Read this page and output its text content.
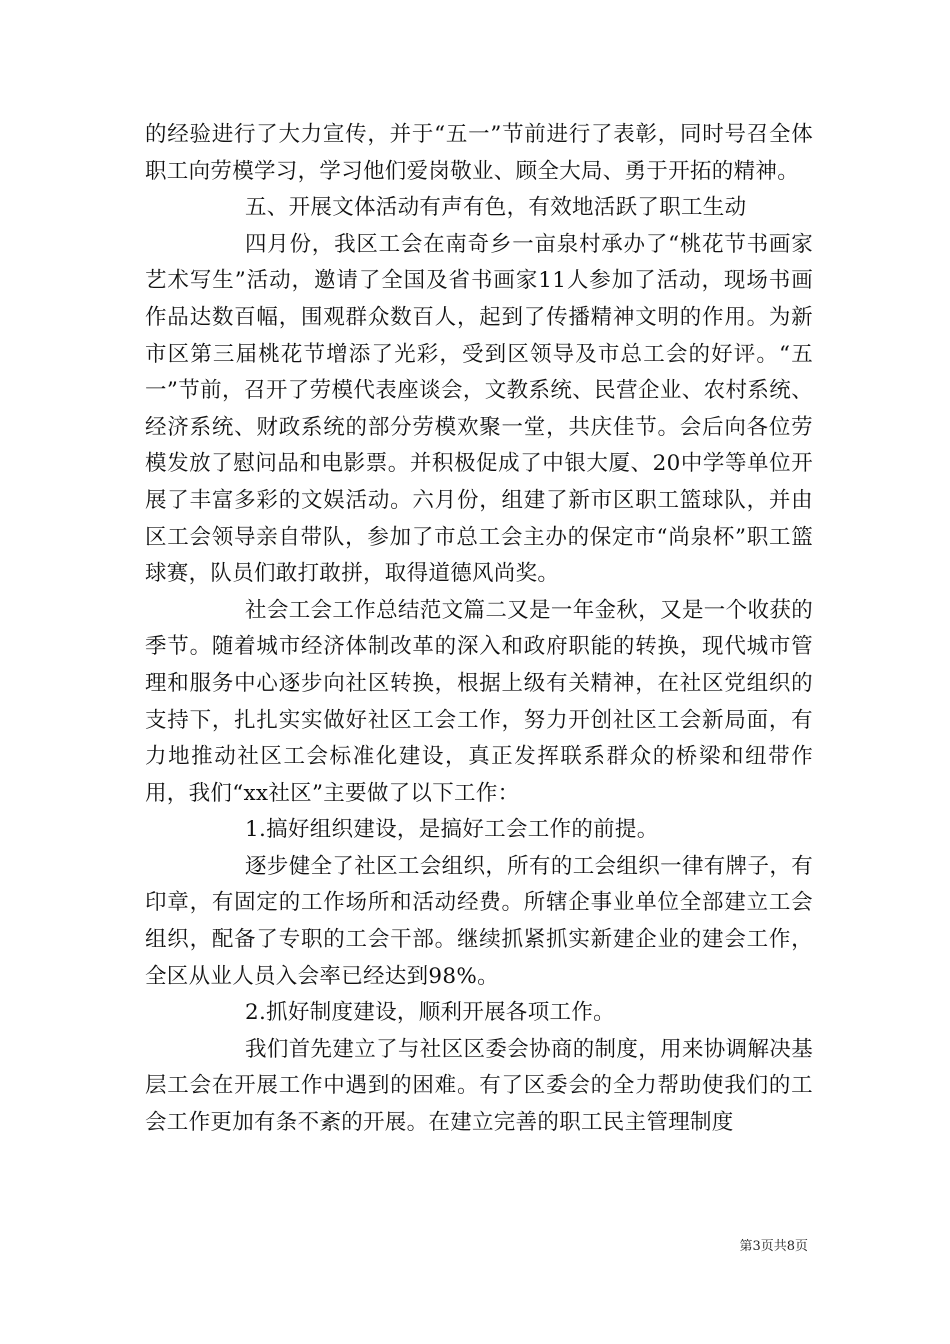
的经验进行了大力宣传，并于“五一”节前进行了表彰，同时号召全体职工向劳模学习，学习他们爱岗敬业、顾全大局、勇于开拓的精神。

五、开展文体活动有声有色，有效地活跃了职工生动

四月份，我区工会在南奇乡一亩泉村承办了“桃花节书画家艺术写生”活动，邀请了全国及省书画家11人参加了活动，现场书画作品达数百幅，围观群众数百人，起到了传播精神文明的作用。为新市区第三届桃花节增添了光彩，受到区领导及市总工会的好评。“五一”节前，召开了劳模代表座谈会，文教系统、民营企业、农村系统、经济系统、财政系统的部分劳模欢聚一堂，共庆佳节。会后向各位劳模发放了慰问品和电影票。并积极促成了中银大厦、20中学等单位开展了丰富多彩的文娱活动。六月份，组建了新市区职工篮球队，并由区工会领导亲自带队，参加了市总工会主办的保定市“尚泉杯”职工篮球赛，队员们敢打敢拼，取得道德风尚奖。

社会工会工作总结范文篇二又是一年金秋，又是一个收获的季节。随着城市经济体制改革的深入和政府职能的转换，现代城市管理和服务中心逐步向社区转换，根据上级有关精神，在社区党组织的支持下，扎扎实实做好社区工会工作，努力开创社区工会新局面，有力地推动社区工会标准化建设，真正发挥联系群众的桥梁和纽带作用，我们“xx社区”主要做了以下工作：

1.搞好组织建设，是搞好工会工作的前提。

逐步健全了社区工会组织，所有的工会组织一律有牌子，有印章，有固定的工作场所和活动经费。所辖企事业单位全部建立工会组织，配备了专职的工会干部。继续抓紧抓实新建企业的建会工作，全区从业人员入会率已经达到98%。

2.抓好制度建设，顺利开展各项工作。

我们首先建立了与社区区委会协商的制度，用来协调解决基层工会在开展工作中遇到的困难。有了区委会的全力帮助使我们的工会工作更加有条不紊的开展。在建立完善的职工民主管理制度

第3页共8页
